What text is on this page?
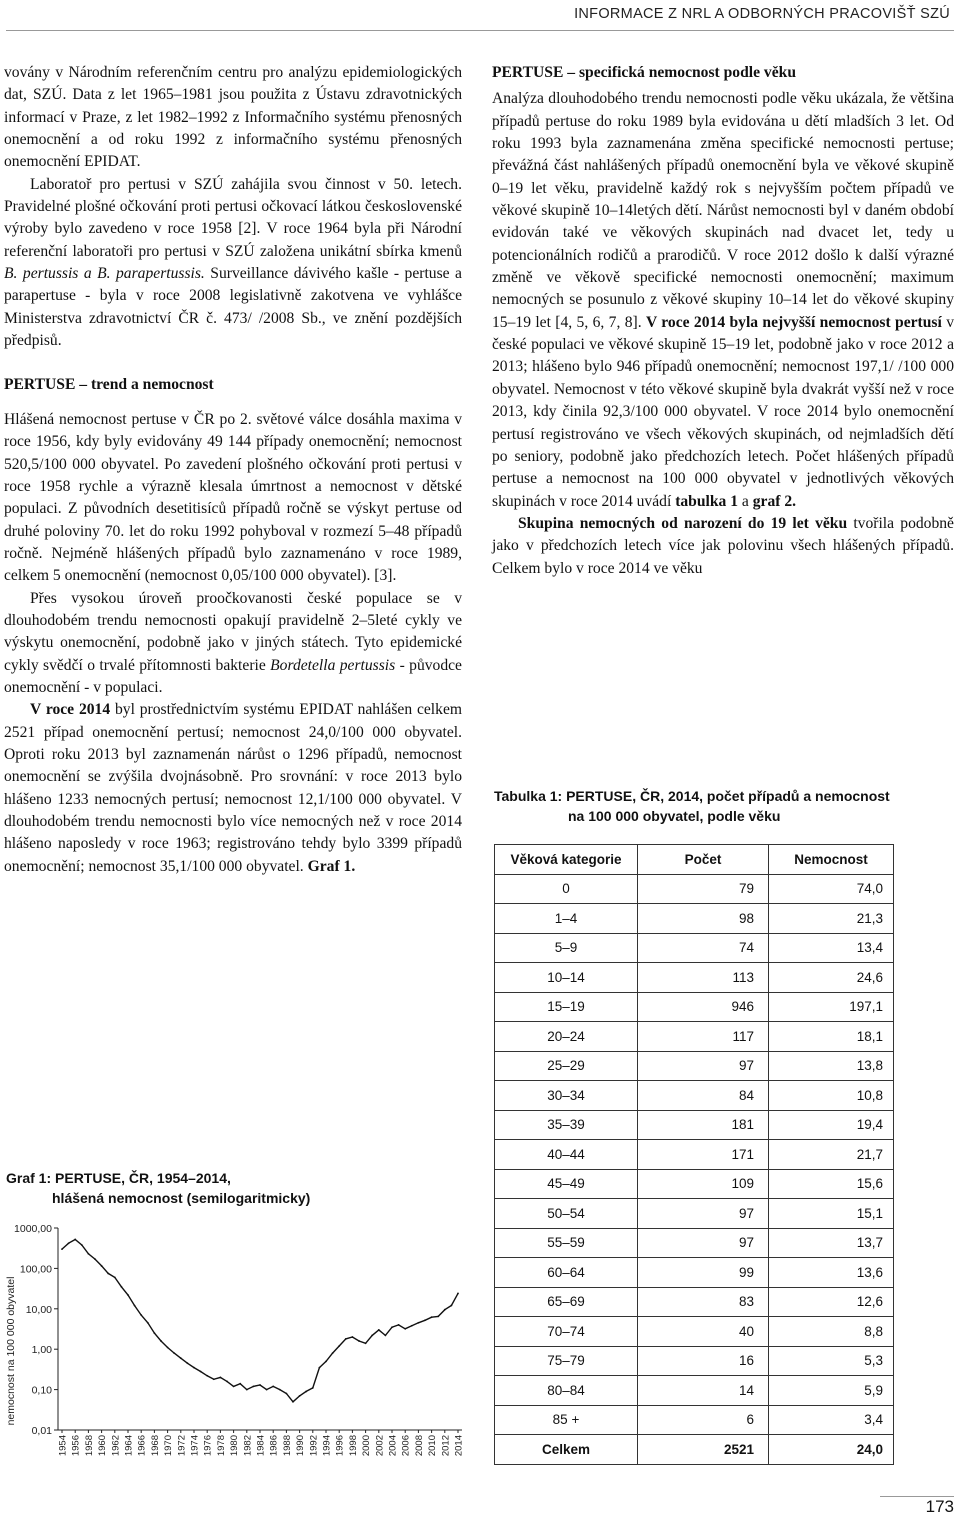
INFORMACE Z NRL A ODBORNÝCH PRACOVIŠŤ SZÚ

vovány v Národním referenčním centru pro analýzu epidemiologických dat, SZÚ. Data z let 1965–1981 jsou použita z Ústavu zdravotnických informací v Praze, z let 1982–1992 z Informačního systému přenosných onemocnění a od roku 1992 z informačního systému přenosných onemocnění EPIDAT.

Laboratoř pro pertusi v SZÚ zahájila svou činnost v 50. letech. Pravidelné plošné očkování proti pertusi očkovací látkou československé výroby bylo zavedeno v roce 1958 [2]. V roce 1964 byla při Národní referenční laboratoři pro pertusi v SZÚ založena unikátní sbírka kmenů B. pertussis a B. parapertussis. Surveillance dávivého kašle - pertuse a parapertuse - byla v roce 2008 legislativně zakotvena ve vyhlášce Ministerstva zdravotnictví ČR č. 473/ /2008 Sb., ve znění pozdějších předpisů.

PERTUSE – trend a nemocnost

Hlášená nemocnost pertuse v ČR po 2. světové válce dosáhla maxima v roce 1956, kdy byly evidovány 49 144 případy onemocnění; nemocnost 520,5/100 000 obyvatel. Po zavedení plošného očkování proti pertusi v roce 1958 rychle a výrazně klesala úmrtnost a nemocnost v dětské populaci. Z původních desetitisíců případů ročně se výskyt pertuse od druhé poloviny 70. let do roku 1992 pohyboval v rozmezí 5–48 případů ročně. Nejméně hlášených případů bylo zaznamenáno v roce 1989, celkem 5 onemocnění (nemocnost 0,05/100 000 obyvatel). [3].

Přes vysokou úroveň proočkovanosti české populace se v dlouhodobém trendu nemocnosti opakují pravidelně 2–5leté cykly ve výskytu onemocnění, podobně jako v jiných státech. Tyto epidemické cykly svědčí o trvalé přítomnosti bakterie Bordetella pertussis - původce onemocnění - v populaci.

V roce 2014 byl prostřednictvím systému EPIDAT nahlášen celkem 2521 případ onemocnění pertusí; nemocnost 24,0/100 000 obyvatel. Oproti roku 2013 byl zaznamenán nárůst o 1296 případů, nemocnost onemocnění se zvýšila dvojnásobně. Pro srovnání: v roce 2013 bylo hlášeno 1233 nemocných pertusí; nemocnost 12,1/100 000 obyvatel. V dlouhodobém trendu nemocnosti bylo více nemocných než v roce 2014 hlášeno naposledy v roce 1963; registrováno tehdy bylo 3399 případů onemocnění; nemocnost 35,1/100 000 obyvatel. Graf 1.

PERTUSE – specifická nemocnost podle věku

Analýza dlouhodobého trendu nemocnosti podle věku ukázala, že většina případů pertuse do roku 1989 byla evidována u dětí mladších 3 let. Od roku 1993 byla zaznamenána změna specifické nemocnosti pertuse; převážná část nahlášených případů onemocnění byla ve věkové skupině 0–19 let věku, pravidelně každý rok s nejvyšším počtem případů ve věkové skupině 10–14letých dětí. Nárůst nemocnosti byl v daném období evidován také ve věkových skupinách nad dvacet let, tedy u potencionálních rodičů a prarodičů. V roce 2012 došlo k další výrazné změně ve věkově specifické nemocnosti onemocnění; maximum nemocných se posunulo z věkové skupiny 10–14 let do věkové skupiny 15–19 let [4, 5, 6, 7, 8]. V roce 2014 byla nejvyšší nemocnost pertusí v české populaci ve věkové skupině 15–19 let, podobně jako v roce 2012 a 2013; hlášeno bylo 946 případů onemocnění; nemocnost 197,1/ /100 000 obyvatel. Nemocnost v této věkové skupině byla dvakrát vyšší než v roce 2013, kdy činila 92,3/100 000 obyvatel. V roce 2014 bylo onemocnění pertusí registrováno ve všech věkových skupinách, od nejmladších dětí po seniory, podobně jako předchozích letech. Počet hlášených případů pertuse a nemocnost na 100 000 obyvatel v jednotlivých věkových skupinách v roce 2014 uvádí tabulka 1 a graf 2.

Skupina nemocných od narození do 19 let věku tvořila podobně jako v předchozích letech více jak polovinu všech hlášených případů. Celkem bylo v roce 2014 ve věku

Tabulka 1: PERTUSE, ČR, 2014, počet případů a nemocnost
na 100 000 obyvatel, podle věku
Věková kategorie	Počet	Nemocnost
0	79	74,0
1–4	98	21,3
5–9	74	13,4
10–14	113	24,6
15–19	946	197,1
20–24	117	18,1
25–29	97	13,8
30–34	84	10,8
35–39	181	19,4
40–44	171	21,7
45–49	109	15,6
50–54	97	15,1
55–59	97	13,7
60–64	99	13,6
65–69	83	12,6
70–74	40	8,8
75–79	16	5,3
80–84	14	5,9
85 +	6	3,4
Celkem	2521	24,0
Graf 1: PERTUSE, ČR, 1954–2014,
hlášená nemocnost (semilogaritmicky)
1000,00
100,00
10,00
1,00
0,10
0,01
1954 1956 1958 1960 1962 1964 1966 1968 1970 1972 1974 1976 1978 1980 1982 1984 1986 1988 1990 1992 1994 1996 1998 2000 2002 2004 2006 2008 2010 2012 2014
nemocnost na 100 000 obyvatel
173
